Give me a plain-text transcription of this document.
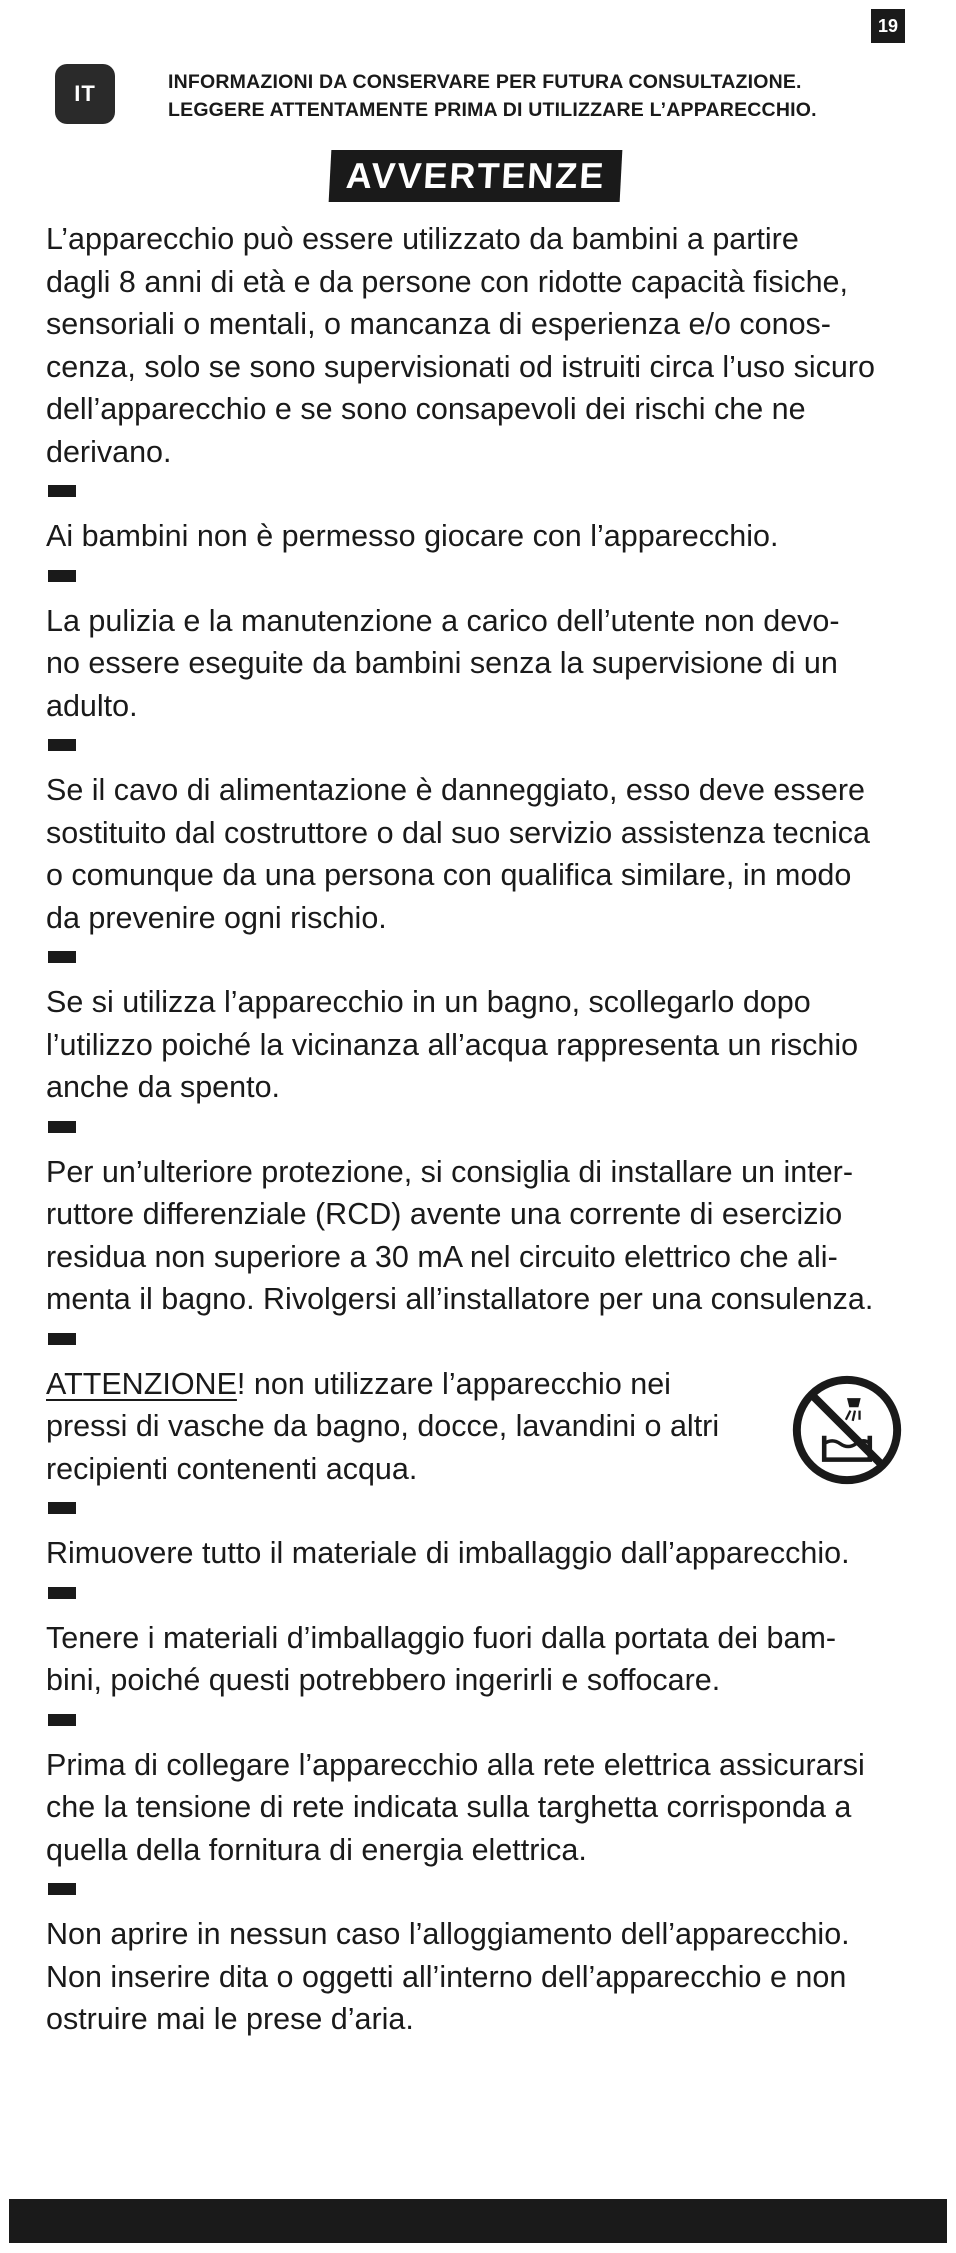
19
IT	INFORMAZIONI DA CONSERVARE PER FUTURA CONSULTAZIONE.
LEGGERE ATTENTAMENTE PRIMA DI UTILIZZARE L’APPARECCHIO.
AVVERTENZE

L’apparecchio può essere utilizzato da bambini a partire
dagli 8 anni di età e da persone con ridotte capacità fisiche,
sensoriali o mentali, o mancanza di esperienza e/o conos-
cenza, solo se sono supervisionati od istruiti circa l’uso sicuro
dell’apparecchio e se sono consapevoli dei rischi che ne
derivano.

Ai bambini non è permesso giocare con l’apparecchio.

La pulizia e la manutenzione a carico dell’utente non devo-
no essere eseguite da bambini senza la supervisione di un
adulto.

Se il cavo di alimentazione è danneggiato, esso deve essere
sostituito dal costruttore o dal suo servizio assistenza tecnica
o comunque da una persona con qualifica similare, in modo
da prevenire ogni rischio.

Se si utilizza l’apparecchio in un bagno, scollegarlo dopo
l’utilizzo poiché la vicinanza all’acqua rappresenta un rischio
anche da spento.

Per un’ulteriore protezione, si consiglia di installare un inter-
ruttore differenziale (RCD) avente una corrente di esercizio
residua non superiore a 30 mA nel circuito elettrico che ali-
menta il bagno. Rivolgersi all’installatore per una consulenza.

ATTENZIONE! non utilizzare l’apparecchio nei
pressi di vasche da bagno, docce, lavandini o altri
recipienti contenenti acqua.

Rimuovere tutto il materiale di imballaggio dall’apparecchio.

Tenere i materiali d’imballaggio fuori dalla portata dei bam-
bini, poiché questi potrebbero ingerirli e soffocare.

Prima di collegare l’apparecchio alla rete elettrica assicurarsi
che la tensione di rete indicata sulla targhetta corrisponda a
quella della fornitura di energia elettrica.

Non aprire in nessun caso l’alloggiamento dell’apparecchio.
Non inserire dita o oggetti all’interno dell’apparecchio e non
ostruire mai le prese d’aria.
